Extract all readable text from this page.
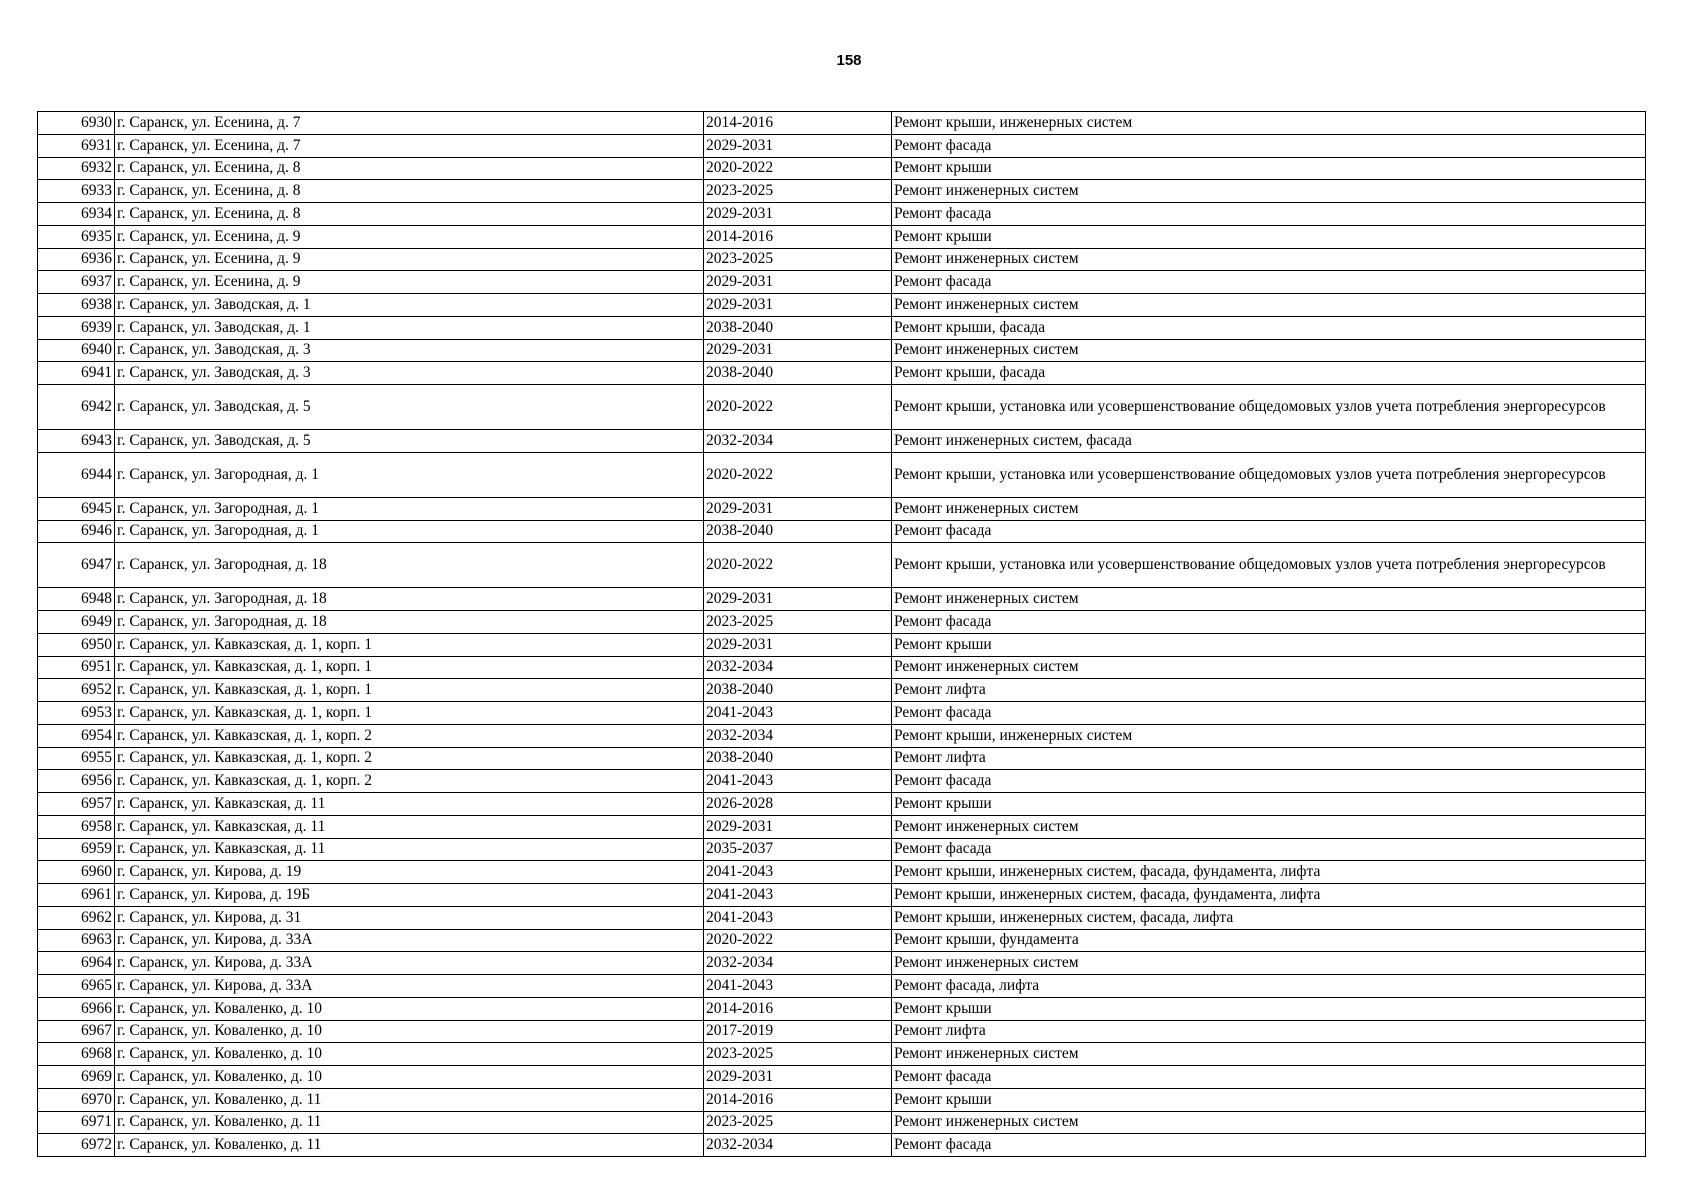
158
6930	г. Саранск, ул. Есенина, д. 7	2014-2016	Ремонт крыши, инженерных систем
6931	г. Саранск, ул. Есенина, д. 7	2029-2031	Ремонт фасада
6932	г. Саранск, ул. Есенина, д. 8	2020-2022	Ремонт крыши
6933	г. Саранск, ул. Есенина, д. 8	2023-2025	Ремонт инженерных систем
6934	г. Саранск, ул. Есенина, д. 8	2029-2031	Ремонт фасада
6935	г. Саранск, ул. Есенина, д. 9	2014-2016	Ремонт крыши
6936	г. Саранск, ул. Есенина, д. 9	2023-2025	Ремонт инженерных систем
6937	г. Саранск, ул. Есенина, д. 9	2029-2031	Ремонт фасада
6938	г. Саранск, ул. Заводская, д. 1	2029-2031	Ремонт инженерных систем
6939	г. Саранск, ул. Заводская, д. 1	2038-2040	Ремонт крыши, фасада
6940	г. Саранск, ул. Заводская, д. 3	2029-2031	Ремонт инженерных систем
6941	г. Саранск, ул. Заводская, д. 3	2038-2040	Ремонт крыши, фасада
6942	г. Саранск, ул. Заводская, д. 5	2020-2022	Ремонт крыши, установка или усовершенствование общедомовых узлов учета потребления энергоресурсов
6943	г. Саранск, ул. Заводская, д. 5	2032-2034	Ремонт инженерных систем, фасада
6944	г. Саранск, ул. Загородная, д. 1	2020-2022	Ремонт крыши, установка или усовершенствование общедомовых узлов учета потребления энергоресурсов
6945	г. Саранск, ул. Загородная, д. 1	2029-2031	Ремонт инженерных систем
6946	г. Саранск, ул. Загородная, д. 1	2038-2040	Ремонт фасада
6947	г. Саранск, ул. Загородная, д. 18	2020-2022	Ремонт крыши, установка или усовершенствование общедомовых узлов учета потребления энергоресурсов
6948	г. Саранск, ул. Загородная, д. 18	2029-2031	Ремонт инженерных систем
6949	г. Саранск, ул. Загородная, д. 18	2023-2025	Ремонт фасада
6950	г. Саранск, ул. Кавказская, д. 1, корп. 1	2029-2031	Ремонт крыши
6951	г. Саранск, ул. Кавказская, д. 1, корп. 1	2032-2034	Ремонт инженерных систем
6952	г. Саранск, ул. Кавказская, д. 1, корп. 1	2038-2040	Ремонт лифта
6953	г. Саранск, ул. Кавказская, д. 1, корп. 1	2041-2043	Ремонт фасада
6954	г. Саранск, ул. Кавказская, д. 1, корп. 2	2032-2034	Ремонт крыши, инженерных систем
6955	г. Саранск, ул. Кавказская, д. 1, корп. 2	2038-2040	Ремонт лифта
6956	г. Саранск, ул. Кавказская, д. 1, корп. 2	2041-2043	Ремонт фасада
6957	г. Саранск, ул. Кавказская, д. 11	2026-2028	Ремонт крыши
6958	г. Саранск, ул. Кавказская, д. 11	2029-2031	Ремонт инженерных систем
6959	г. Саранск, ул. Кавказская, д. 11	2035-2037	Ремонт фасада
6960	г. Саранск, ул. Кирова, д. 19	2041-2043	Ремонт крыши, инженерных систем, фасада, фундамента, лифта
6961	г. Саранск, ул. Кирова, д. 19Б	2041-2043	Ремонт крыши, инженерных систем, фасада, фундамента, лифта
6962	г. Саранск, ул. Кирова, д. 31	2041-2043	Ремонт крыши, инженерных систем, фасада, лифта
6963	г. Саранск, ул. Кирова, д. 33А	2020-2022	Ремонт крыши, фундамента
6964	г. Саранск, ул. Кирова, д. 33А	2032-2034	Ремонт инженерных систем
6965	г. Саранск, ул. Кирова, д. 33А	2041-2043	Ремонт фасада, лифта
6966	г. Саранск, ул. Коваленко, д. 10	2014-2016	Ремонт крыши
6967	г. Саранск, ул. Коваленко, д. 10	2017-2019	Ремонт лифта
6968	г. Саранск, ул. Коваленко, д. 10	2023-2025	Ремонт инженерных систем
6969	г. Саранск, ул. Коваленко, д. 10	2029-2031	Ремонт фасада
6970	г. Саранск, ул. Коваленко, д. 11	2014-2016	Ремонт крыши
6971	г. Саранск, ул. Коваленко, д. 11	2023-2025	Ремонт инженерных систем
6972	г. Саранск, ул. Коваленко, д. 11	2032-2034	Ремонт фасада
